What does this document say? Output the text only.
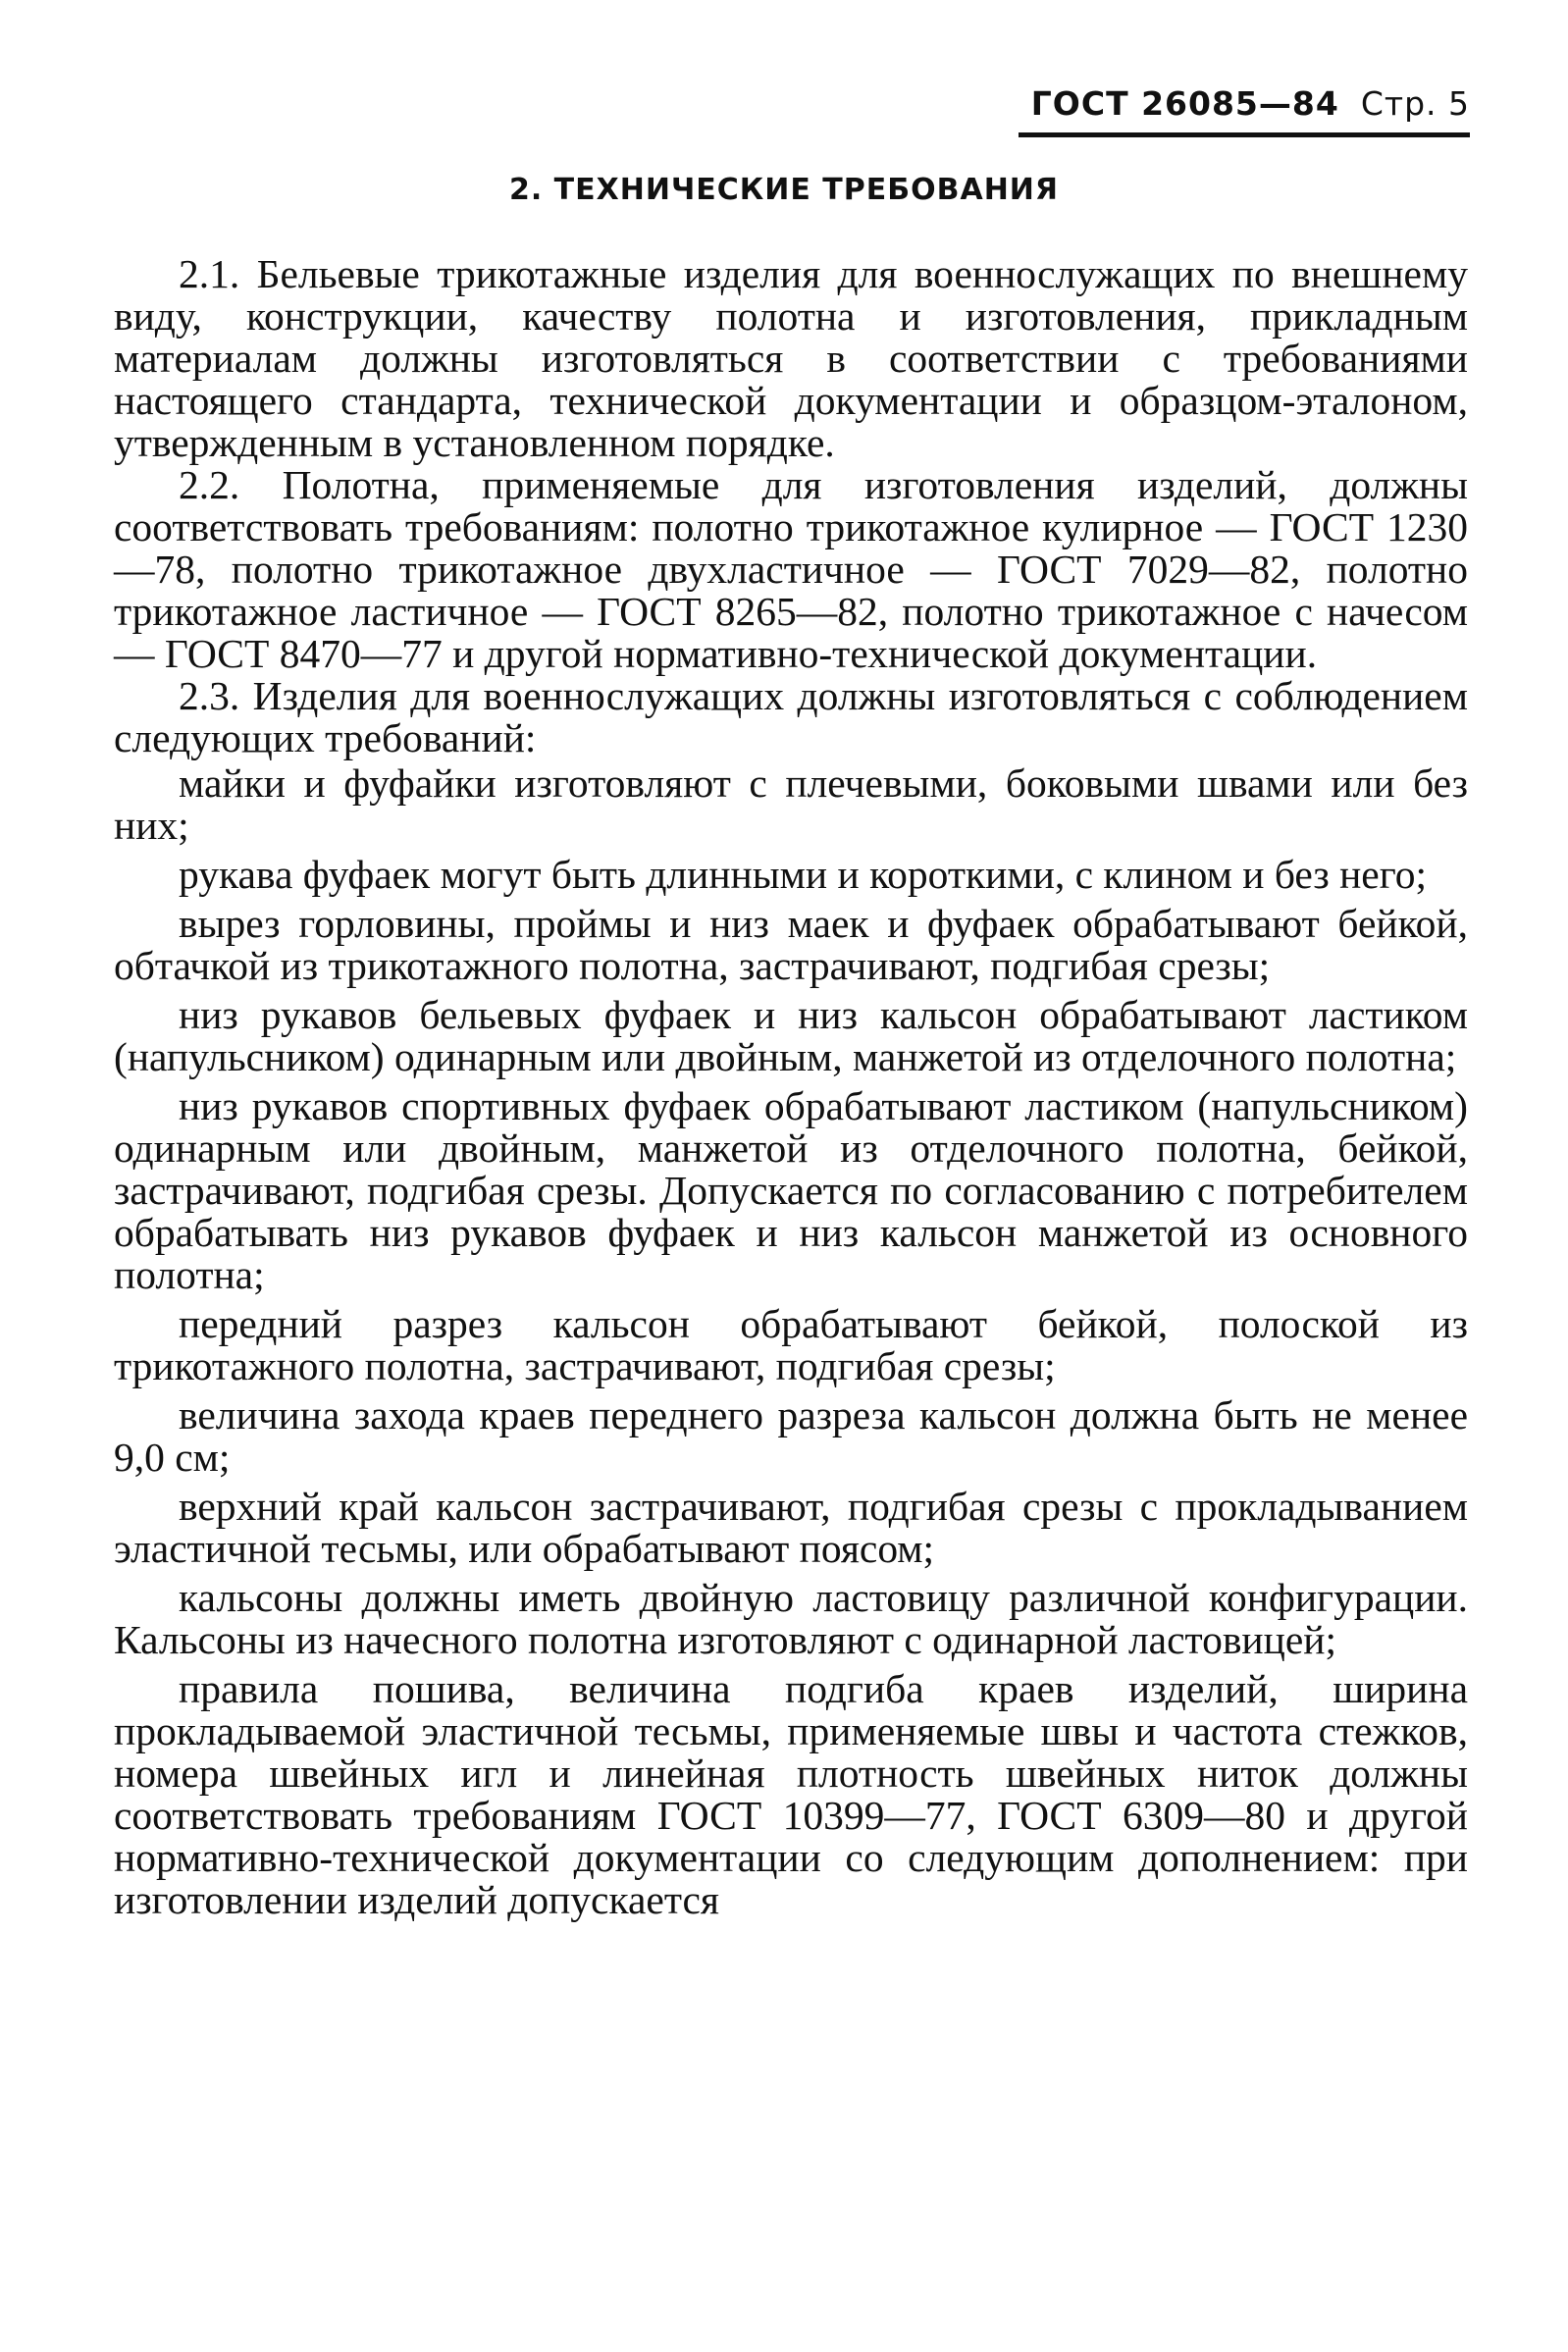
ГОСТ 26085—84 Стр. 5
2. ТЕХНИЧЕСКИЕ ТРЕБОВАНИЯ

2.1. Бельевые трикотажные изделия для военнослужащих по внешнему виду, конструкции, качеству полотна и изготовления, прикладным материалам должны изготовляться в соответствии с требованиями настоящего стандарта, технической документации и образцом-эталоном, утвержденным в установленном порядке.

2.2. Полотна, применяемые для изготовления изделий, должны соответствовать требованиям: полотно трикотажное кулирное — ГОСТ 1230—78, полотно трикотажное двухластичное — ГОСТ 7029—82, полотно трикотажное ластичное — ГОСТ 8265—82, полотно трикотажное с начесом — ГОСТ 8470—77 и другой нормативно-технической документации.

2.3. Изделия для военнослужащих должны изготовляться с соблюдением следующих требований:

майки и фуфайки изготовляют с плечевыми, боковыми швами или без них;

рукава фуфаек могут быть длинными и короткими, с клином и без него;

вырез горловины, проймы и низ маек и фуфаек обрабатывают бейкой, обтачкой из трикотажного полотна, застрачивают, подгибая срезы;

низ рукавов бельевых фуфаек и низ кальсон обрабатывают ластиком (напульсником) одинарным или двойным, манжетой из отделочного полотна;

низ рукавов спортивных фуфаек обрабатывают ластиком (напульсником) одинарным или двойным, манжетой из отделочного полотна, бейкой, застрачивают, подгибая срезы. Допускается по согласованию с потребителем обрабатывать низ рукавов фуфаек и низ кальсон манжетой из основного полотна;

передний разрез кальсон обрабатывают бейкой, полоской из трикотажного полотна, застрачивают, подгибая срезы;

величина захода краев переднего разреза кальсон должна быть не менее 9,0 см;

верхний край кальсон застрачивают, подгибая срезы с прокладыванием эластичной тесьмы, или обрабатывают поясом;

кальсоны должны иметь двойную ластовицу различной конфигурации. Кальсоны из начесного полотна изготовляют с одинарной ластовицей;

правила пошива, величина подгиба краев изделий, ширина прокладываемой эластичной тесьмы, применяемые швы и частота стежков, номера швейных игл и линейная плотность швейных ниток должны соответствовать требованиям ГОСТ 10399—77, ГОСТ 6309—80 и другой нормативно-технической документации со следующим дополнением: при изготовлении изделий допускается
